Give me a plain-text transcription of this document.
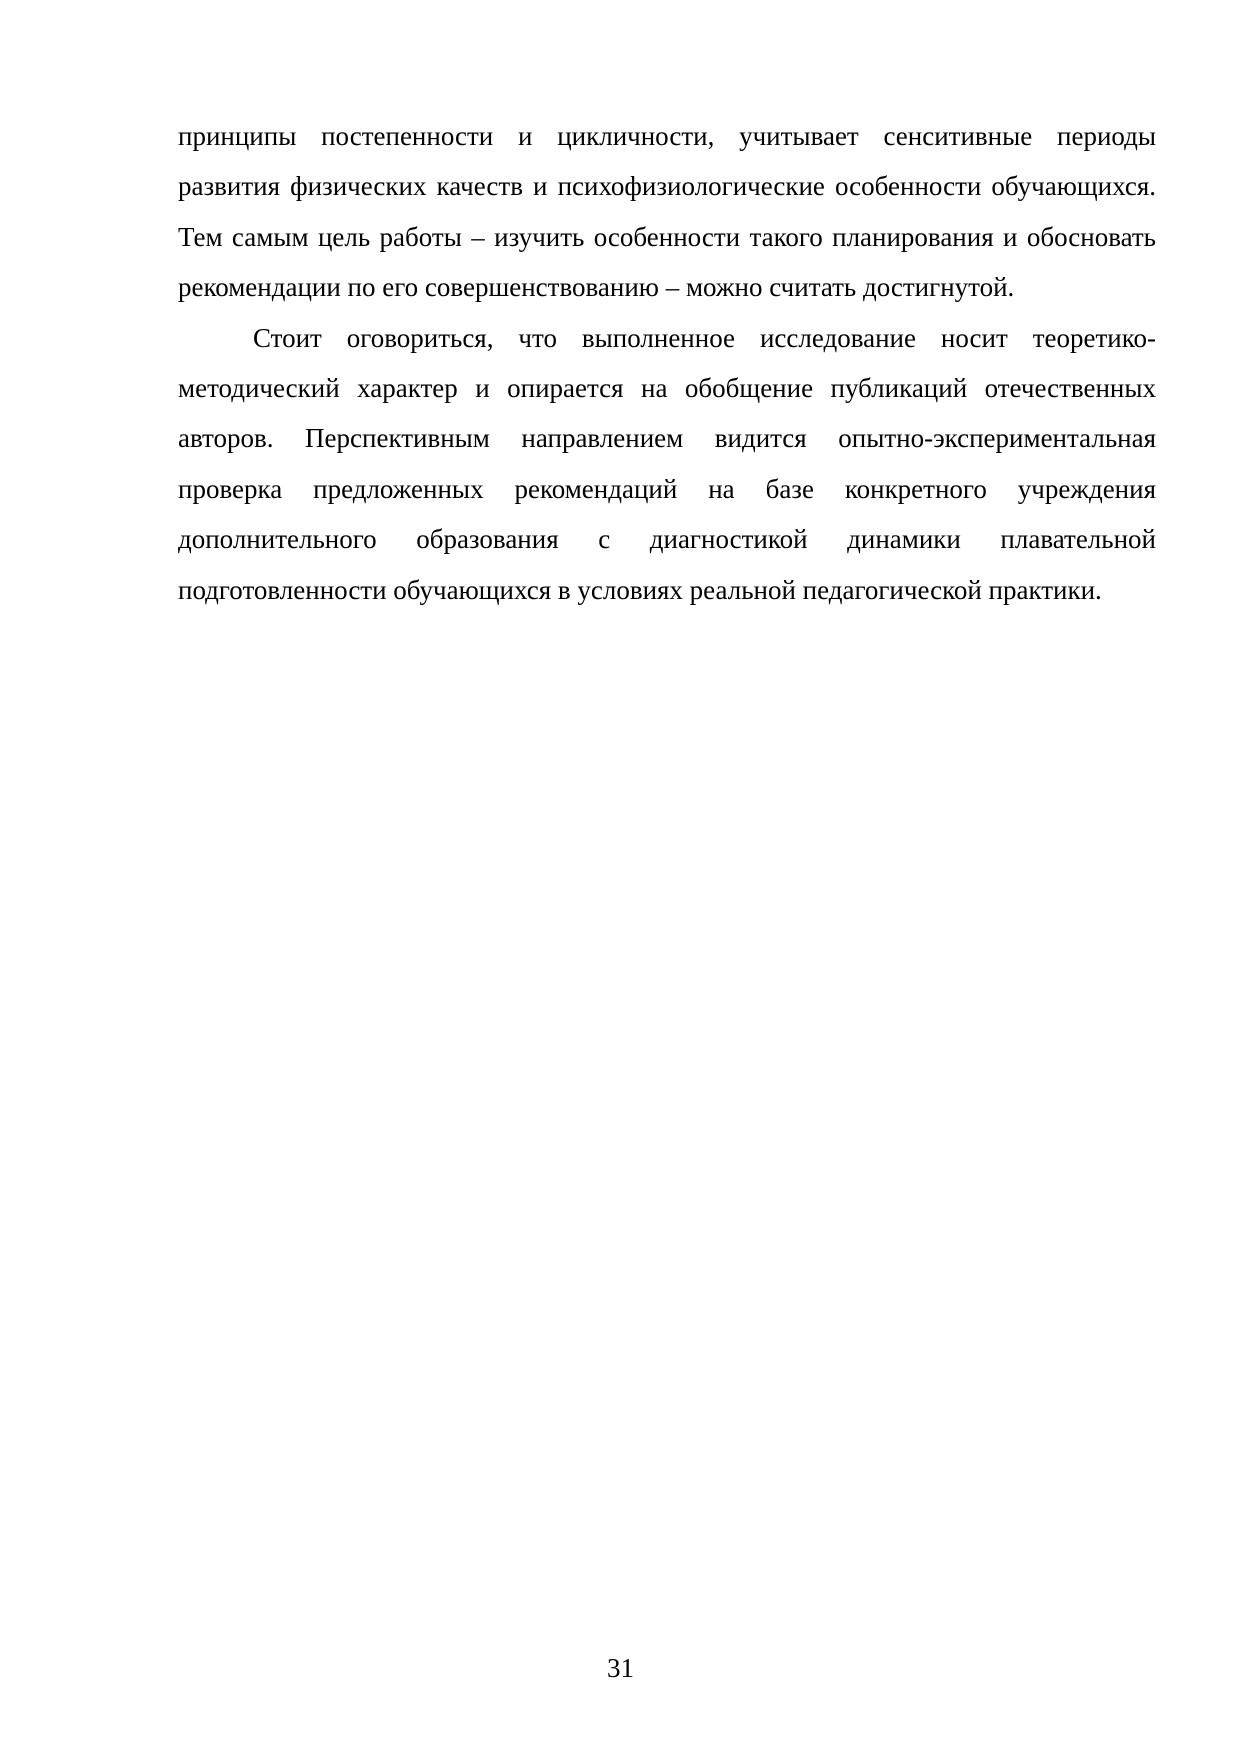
принципы постепенности и цикличности, учитывает сенситивные периоды развития физических качеств и психофизиологические особенности обучающихся. Тем самым цель работы – изучить особенности такого планирования и обосновать рекомендации по его совершенствованию – можно считать достигнутой.

Стоит оговориться, что выполненное исследование носит теоретико-методический характер и опирается на обобщение публикаций отечественных авторов. Перспективным направлением видится опытно-экспериментальная проверка предложенных рекомендаций на базе конкретного учреждения дополнительного образования с диагностикой динамики плавательной подготовленности обучающихся в условиях реальной педагогической практики.

31
